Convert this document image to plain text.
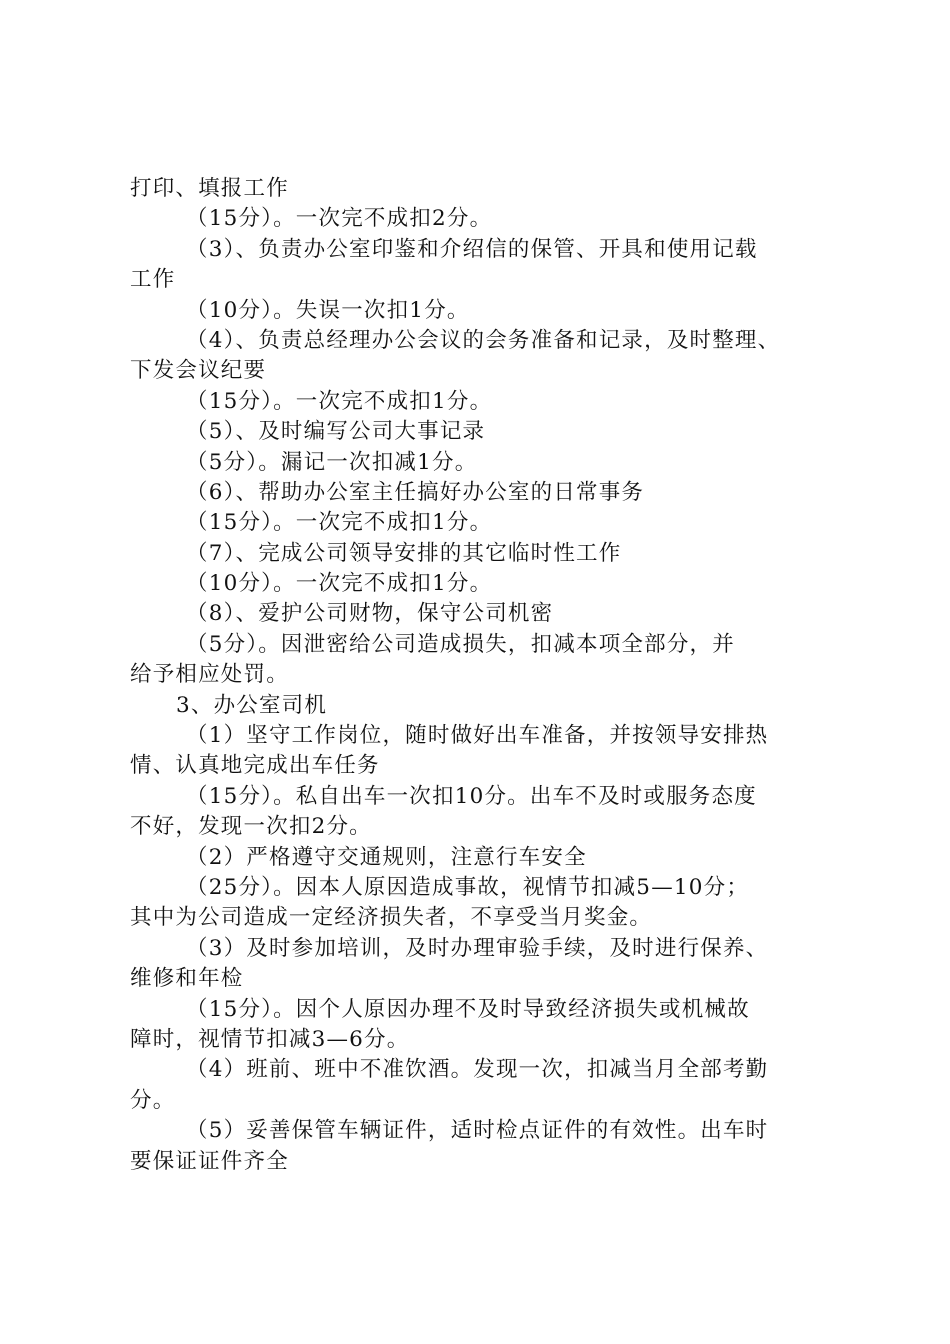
打印、填报工作
（15分）。一次完不成扣2分。
（3）、负责办公室印鉴和介绍信的保管、开具和使用记载
工作
（10分）。失误一次扣1分。
（4）、负责总经理办公会议的会务准备和记录，及时整理、
下发会议纪要
（15分）。一次完不成扣1分。
（5）、及时编写公司大事记录
（5分）。漏记一次扣减1分。
（6）、帮助办公室主任搞好办公室的日常事务
（15分）。一次完不成扣1分。
（7）、完成公司领导安排的其它临时性工作
（10分）。一次完不成扣1分。
（8）、爱护公司财物，保守公司机密
（5分）。因泄密给公司造成损失，扣减本项全部分，并
给予相应处罚。
3、办公室司机
（1）坚守工作岗位，随时做好出车准备，并按领导安排热
情、认真地完成出车任务
（15分）。私自出车一次扣10分。出车不及时或服务态度
不好，发现一次扣2分。
（2）严格遵守交通规则，注意行车安全
（25分）。因本人原因造成事故，视情节扣减5—10分；
其中为公司造成一定经济损失者，不享受当月奖金。
（3）及时参加培训，及时办理审验手续，及时进行保养、
维修和年检
（15分）。因个人原因办理不及时导致经济损失或机械故
障时，视情节扣减3—6分。
（4）班前、班中不准饮酒。发现一次，扣减当月全部考勤
分。
（5）妥善保管车辆证件，适时检点证件的有效性。出车时
要保证证件齐全
